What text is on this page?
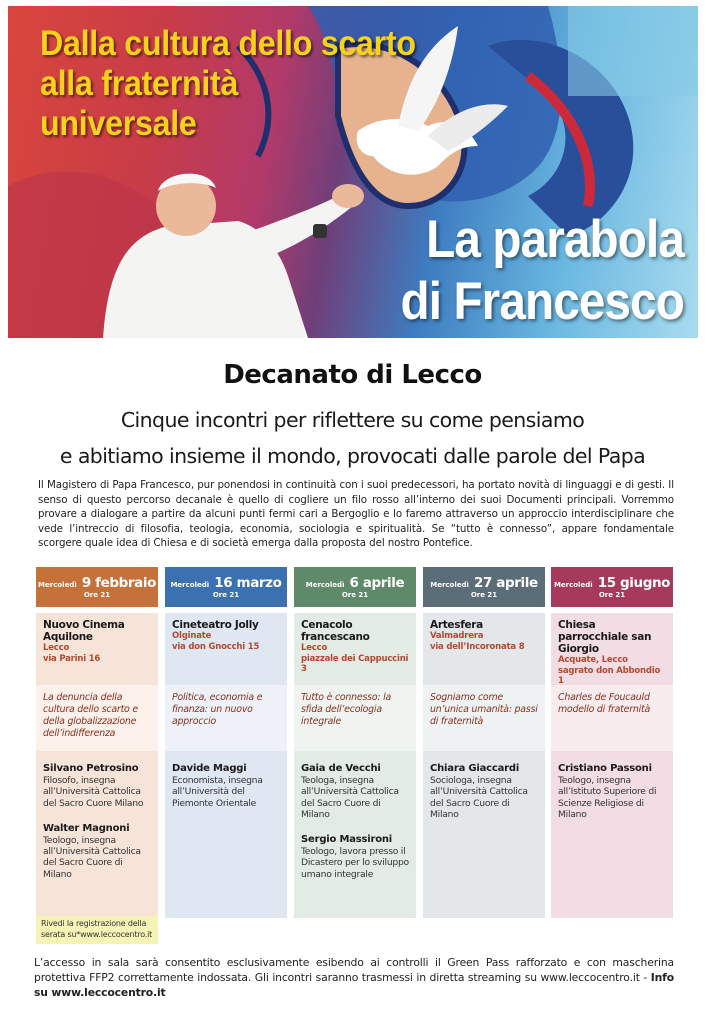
Dalla cultura dello scarto
alla fraternità
universale
La parabola
di Francesco
Decanato di Lecco
Cinque incontri per riflettere su come pensiamo
e abitiamo insieme il mondo, provocati dalle parole del Papa

Il Magistero di Papa Francesco, pur ponendosi in continuità con i suoi predecessori, ha portato novità di linguaggi e di gesti. Il senso di questo percorso decanale è quello di cogliere un filo rosso all’interno dei suoi Documenti principali. Vorremmo provare a dialogare a partire da alcuni punti fermi cari a Bergoglio e lo faremo attraverso un approccio interdisciplinare che vede l’intreccio di filosofia, teologia, economia, sociologia e spiritualità. Se “tutto è connesso”, appare fondamentale scorgere quale idea di Chiesa e di società emerga dalla proposta del nostro Pontefice.

Mercoledì 9 febbraio
Ore 21
Nuovo Cinema Aquilone
Lecco
via Parini 16
La denuncia della cultura dello scarto e della globalizzazione dell’indifferenza
Silvano Petrosino
Filosofo, insegna all’Università Cattolica del Sacro Cuore Milano
Walter Magnoni
Teologo, insegna all’Università Cattolica del Sacro Cuore di Milano
Mercoledì 16 marzo
Ore 21
Cineteatro Jolly
Olginate
via don Gnocchi 15
Politica, economia e finanza: un nuovo approccio
Davide Maggi
Economista, insegna all’Università del Piemonte Orientale
Mercoledì 6 aprile
Ore 21
Cenacolo francescano
Lecco
piazzale dei Cappuccini 3
Tutto è connesso: la sfida dell’ecologia integrale
Gaia de Vecchi
Teologa, insegna all’Università Cattolica del Sacro Cuore di Milano
Sergio Massironi
Teologo, lavora presso il Dicastero per lo sviluppo umano integrale
Mercoledì 27 aprile
Ore 21
Artesfera
Valmadrera
via dell’Incoronata 8
Sogniamo come un’unica umanità: passi di fraternità
Chiara Giaccardi
Sociologa, insegna all’Università Cattolica del Sacro Cuore di Milano
Mercoledì 15 giugno
Ore 21
Chiesa parrocchiale san Giorgio
Acquate, Lecco
sagrato don Abbondio 1
Charles de Foucauld modello di fraternità
Cristiano Passoni
Teologo, insegna all’Istituto Superiore di Scienze Religiose di Milano
Rivedi la registrazione della serata su*www.leccocentro.it

L’accesso in sala sarà consentito esclusivamente esibendo ai controlli il Green Pass rafforzato e con mascherina protettiva FFP2 correttamente indossata. Gli incontri saranno trasmessi in diretta streaming su www.leccocentro.it - Info su www.leccocentro.it
